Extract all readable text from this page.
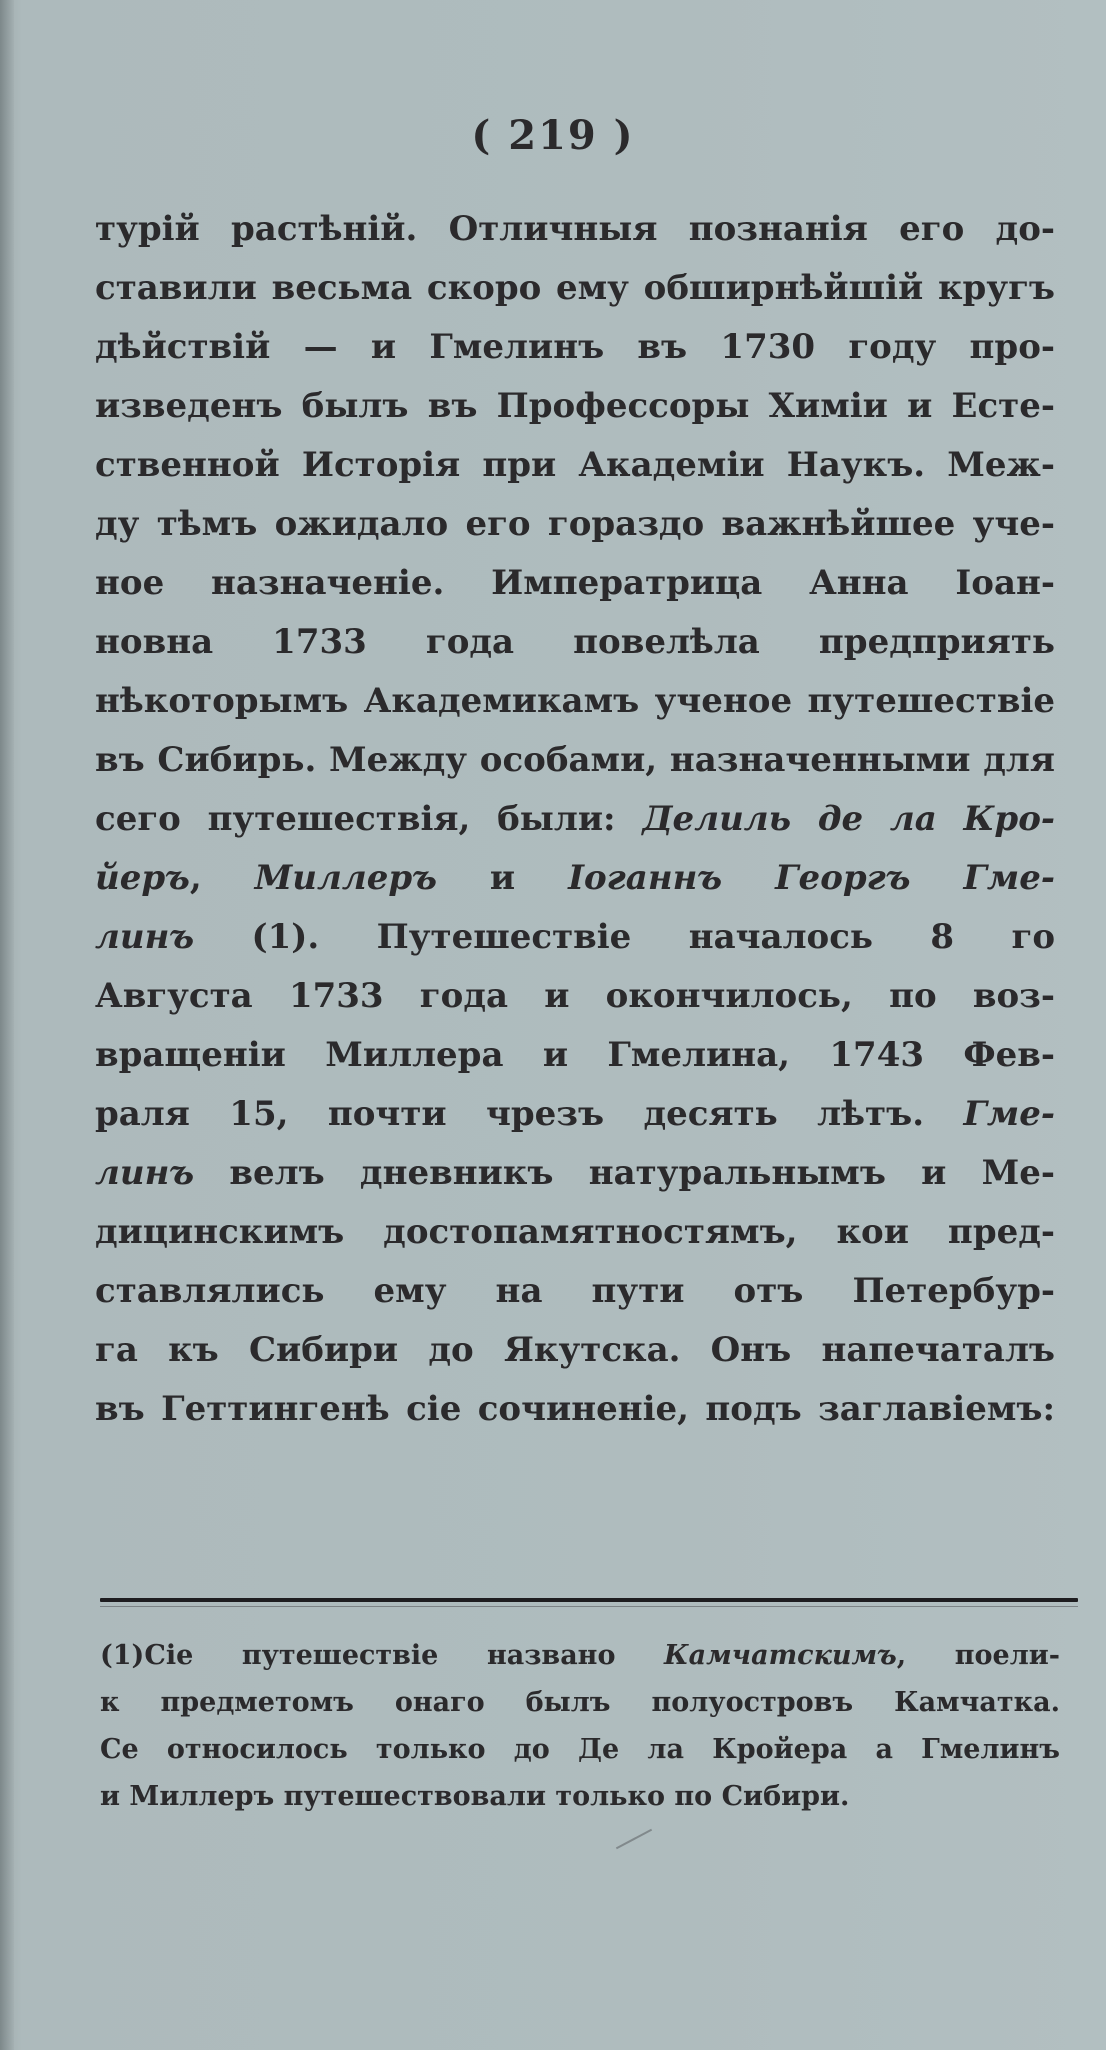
( 219 )
турій растѣній. Отличныя познанія его до-
ставили весьма скоро ему обширнѣйшій кругъ
дѣйствій — и Гмелинъ въ 1730 году про-
изведенъ былъ въ Профессоры Химіи и Есте-
ственной Исторія при Академіи Наукъ. Меж-
ду тѣмъ ожидало его гораздо важнѣйшее уче-
ное назначеніе. Императрица Анна Іоан-
новна 1733 года повелѣла предприять
нѣкоторымъ Академикамъ ученое путешествіе
въ Сибирь. Между особами, назначенными для
сего путешествія, были: Делиль де ла Кро-
йеръ, Миллеръ и Іоганнъ Георгъ Гме-
линъ (1). Путешествіе началось 8 го
Августа 1733 года и окончилось, по воз-
вращеніи Миллера и Гмелина, 1743 Фев-
раля 15, почти чрезъ десять лѣтъ. Гме-
линъ велъ дневникъ натуральнымъ и Ме-
дицинскимъ достопамятностямъ, кои пред-
ставлялись ему на пути отъ Петербур-
га къ Сибири до Якутска. Онъ напечаталъ
въ Геттингенѣ сіе сочиненіе, подъ заглавіемъ:
(1)Сіе путешествіе названо Камчатскимъ, поели-
к предметомъ онаго былъ полуостровъ Камчатка.
Се относилось только до Де ла Кройера а Гмелинъ
и Миллеръ путешествовали только по Сибири.
